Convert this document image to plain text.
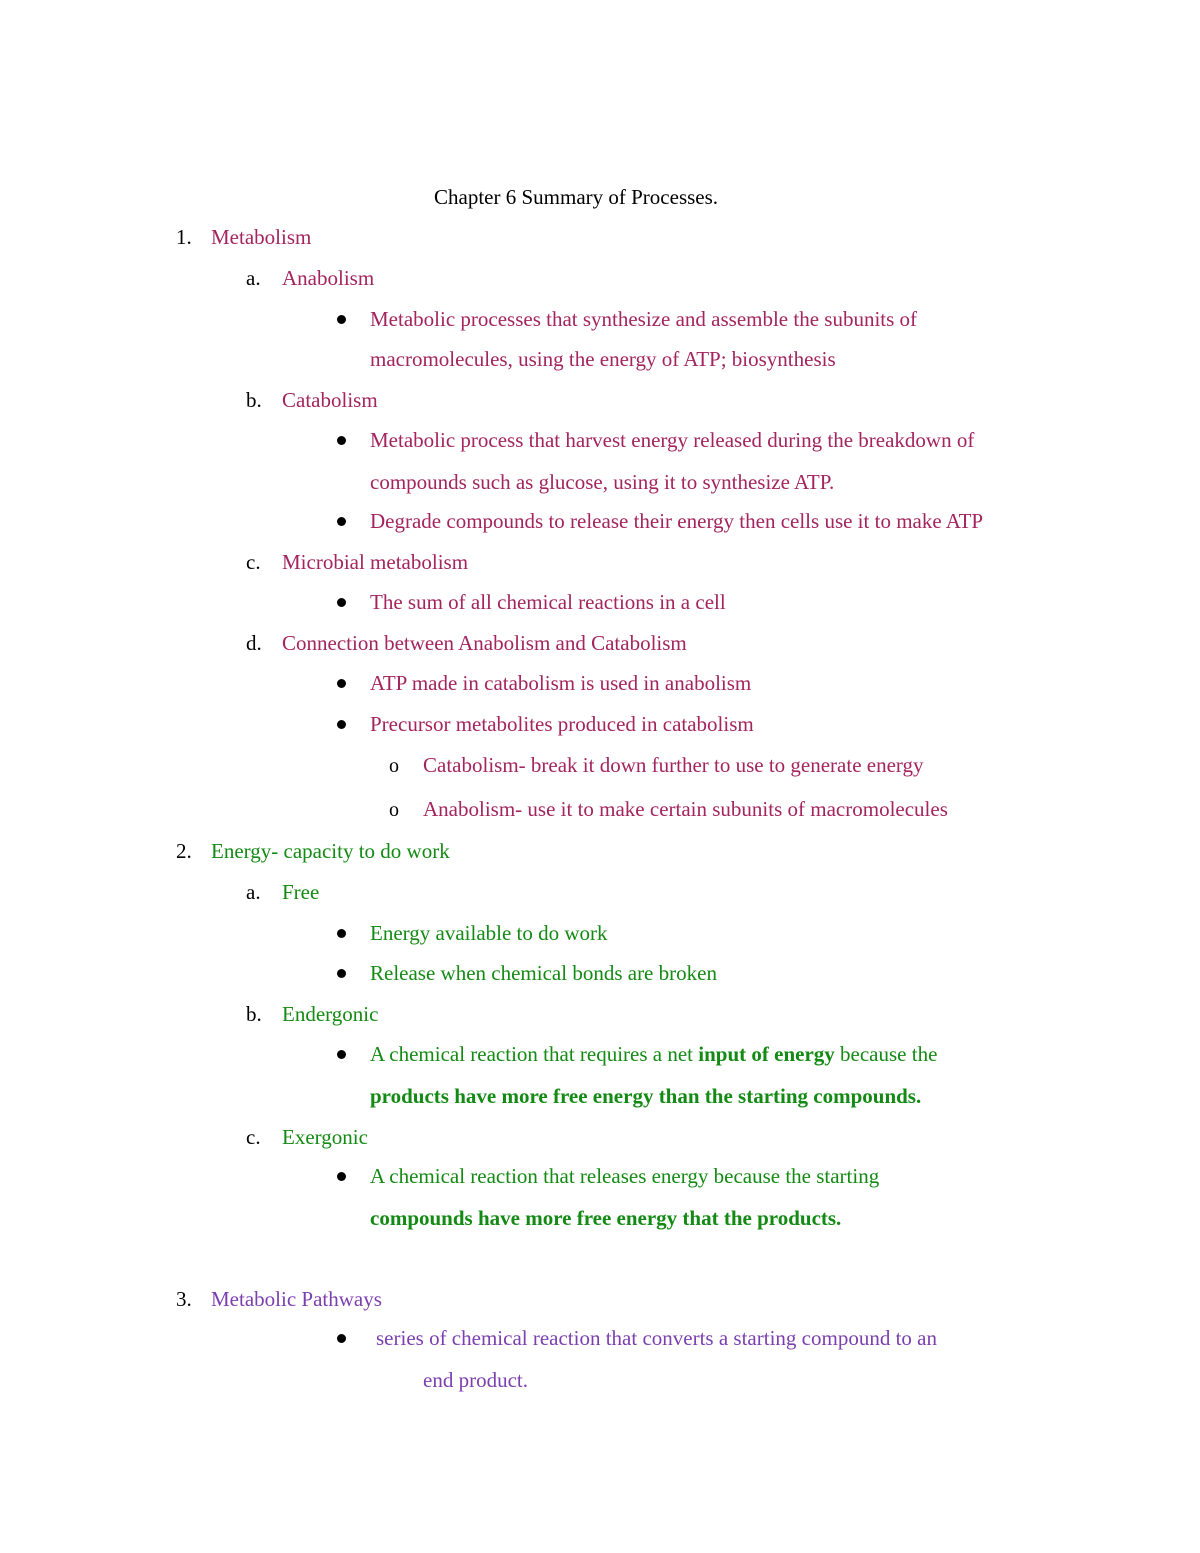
Chapter 6 Summary of Processes.
1. Metabolism
a. Anabolism
Metabolic processes that synthesize and assemble the subunits of
macromolecules, using the energy of ATP; biosynthesis
b. Catabolism
Metabolic process that harvest energy released during the breakdown of
compounds such as glucose, using it to synthesize ATP.
Degrade compounds to release their energy then cells use it to make ATP
c. Microbial metabolism
The sum of all chemical reactions in a cell
d. Connection between Anabolism and Catabolism
ATP made in catabolism is used in anabolism
Precursor metabolites produced in catabolism
o Catabolism- break it down further to use to generate energy
o Anabolism- use it to make certain subunits of macromolecules
2. Energy- capacity to do work
a. Free
Energy available to do work
Release when chemical bonds are broken
b. Endergonic
A chemical reaction that requires a net input of energy because the
products have more free energy than the starting compounds.
c. Exergonic
A chemical reaction that releases energy because the starting
compounds have more free energy that the products.
3. Metabolic Pathways
series of chemical reaction that converts a starting compound to an
end product.
